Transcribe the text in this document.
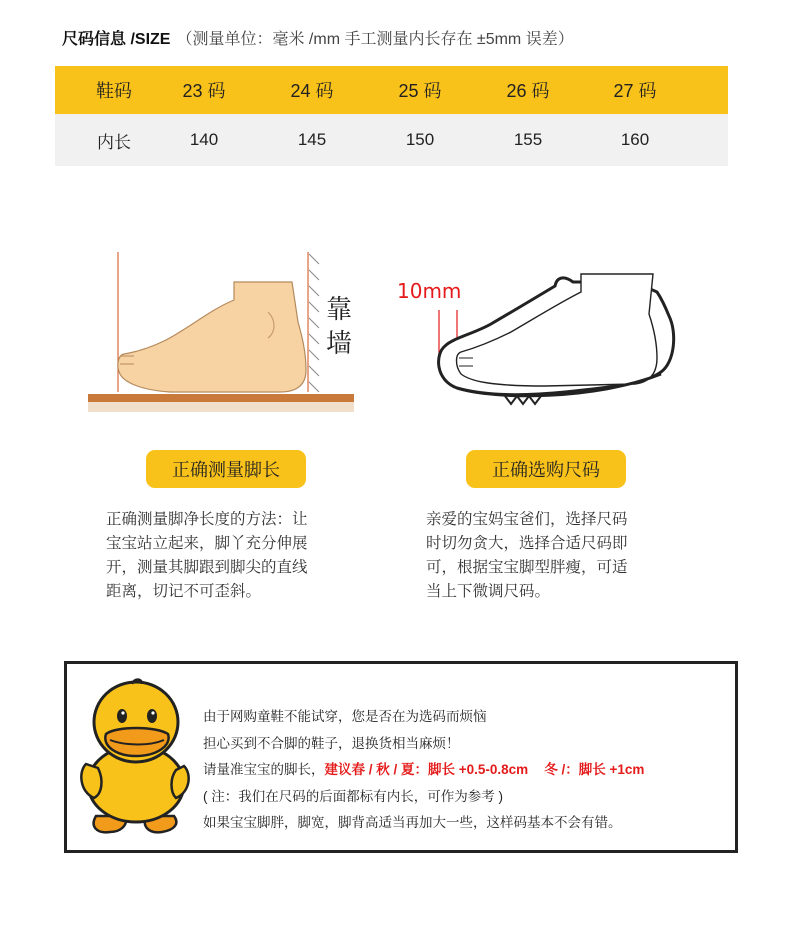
尺码信息 /SIZE （测量单位：毫米 /mm 手工测量内长存在 ±5mm 误差）
鞋码	23 码	24 码	25 码	26 码	27 码
内长	140	145	150	155	160
靠
墙
10mm
正确测量脚长	正确选购尺码
正确测量脚净长度的方法：让
宝宝站立起来，脚丫充分伸展
开，测量其脚跟到脚尖的直线
距离，切记不可歪斜。
亲爱的宝妈宝爸们，选择尺码
时切勿贪大，选择合适尺码即
可，根据宝宝脚型胖瘦，可适
当上下微调尺码。
由于网购童鞋不能试穿，您是否在为选码而烦恼
担心买到不合脚的鞋子，退换货相当麻烦！
请量准宝宝的脚长，建议春 / 秋 / 夏：脚长 +0.5-0.8cm 冬 /：脚长 +1cm
( 注：我们在尺码的后面都标有内长，可作为参考 )
如果宝宝脚胖，脚宽，脚背高适当再加大一些，这样码基本不会有错。
